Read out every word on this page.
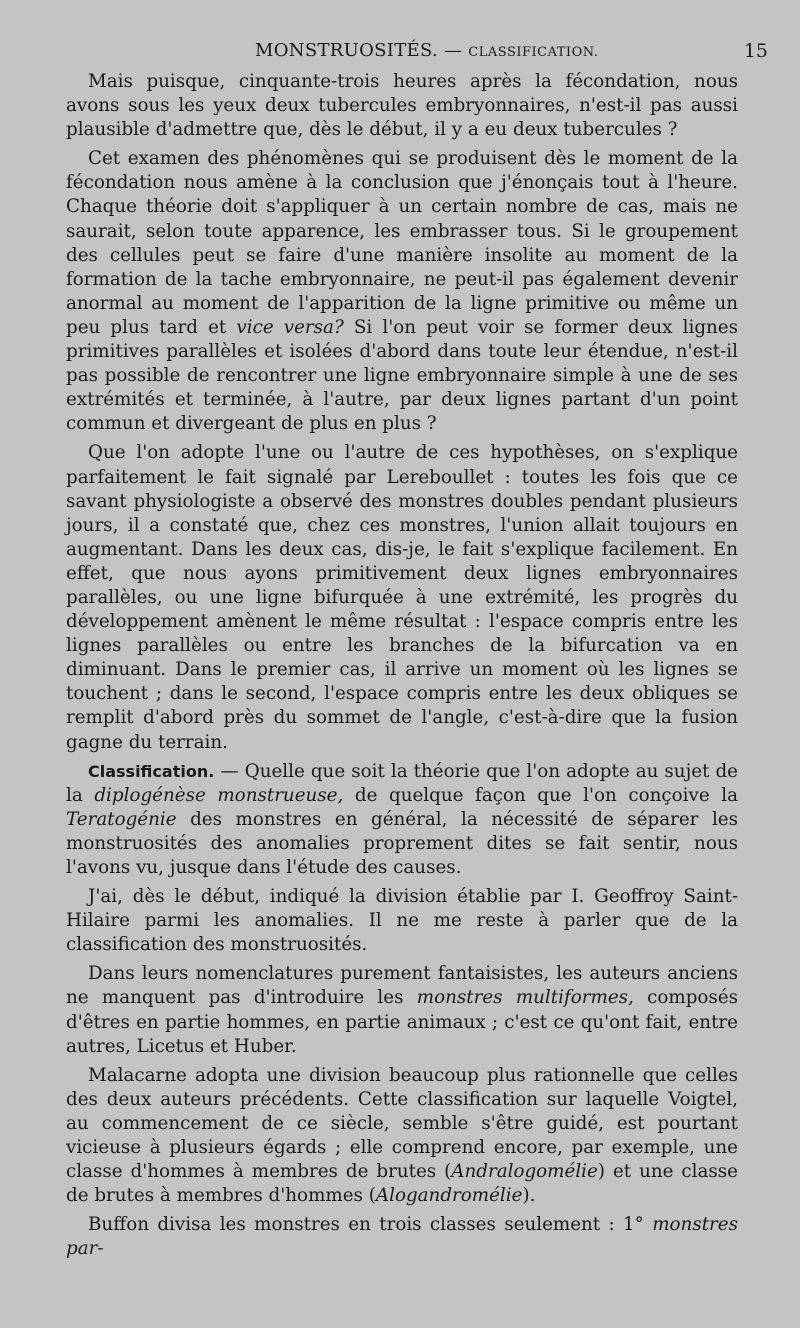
MONSTRUOSITÉS. — CLASSIFICATION.	15

Mais puisque, cinquante-trois heures après la fécondation, nous avons sous les yeux deux tubercules embryonnaires, n'est-il pas aussi plausible d'admettre que, dès le début, il y a eu deux tubercules ?

Cet examen des phénomènes qui se produisent dès le moment de la fécondation nous amène à la conclusion que j'énonçais tout à l'heure. Chaque théorie doit s'appliquer à un certain nombre de cas, mais ne saurait, selon toute apparence, les embrasser tous. Si le groupement des cellules peut se faire d'une manière insolite au moment de la formation de la tache embryonnaire, ne peut-il pas également devenir anormal au moment de l'apparition de la ligne primitive ou même un peu plus tard et vice versa? Si l'on peut voir se former deux lignes primitives parallèles et isolées d'abord dans toute leur étendue, n'est-il pas possible de rencontrer une ligne embryonnaire simple à une de ses extrémités et terminée, à l'autre, par deux lignes partant d'un point commun et divergeant de plus en plus ?

Que l'on adopte l'une ou l'autre de ces hypothèses, on s'explique parfaitement le fait signalé par Lereboullet : toutes les fois que ce savant physiologiste a observé des monstres doubles pendant plusieurs jours, il a constaté que, chez ces monstres, l'union allait toujours en augmentant. Dans les deux cas, dis-je, le fait s'explique facilement. En effet, que nous ayons primitivement deux lignes embryonnaires parallèles, ou une ligne bifurquée à une extrémité, les progrès du développement amènent le même résultat : l'espace compris entre les lignes parallèles ou entre les branches de la bifurcation va en diminuant. Dans le premier cas, il arrive un moment où les lignes se touchent ; dans le second, l'espace compris entre les deux obliques se remplit d'abord près du sommet de l'angle, c'est-à-dire que la fusion gagne du terrain.

Classification. — Quelle que soit la théorie que l'on adopte au sujet de la diplogénèse monstrueuse, de quelque façon que l'on conçoive la Teratogénie des monstres en général, la nécessité de séparer les monstruosités des anomalies proprement dites se fait sentir, nous l'avons vu, jusque dans l'étude des causes.

J'ai, dès le début, indiqué la division établie par I. Geoffroy Saint-Hilaire parmi les anomalies. Il ne me reste à parler que de la classification des monstruosités.

Dans leurs nomenclatures purement fantaisistes, les auteurs anciens ne manquent pas d'introduire les monstres multiformes, composés d'êtres en partie hommes, en partie animaux ; c'est ce qu'ont fait, entre autres, Licetus et Huber.

Malacarne adopta une division beaucoup plus rationnelle que celles des deux auteurs précédents. Cette classification sur laquelle Voigtel, au commencement de ce siècle, semble s'être guidé, est pourtant vicieuse à plusieurs égards ; elle comprend encore, par exemple, une classe d'hommes à membres de brutes (Andralogomélie) et une classe de brutes à membres d'hommes (Alogandromélie).

Buffon divisa les monstres en trois classes seulement : 1° monstres par-
